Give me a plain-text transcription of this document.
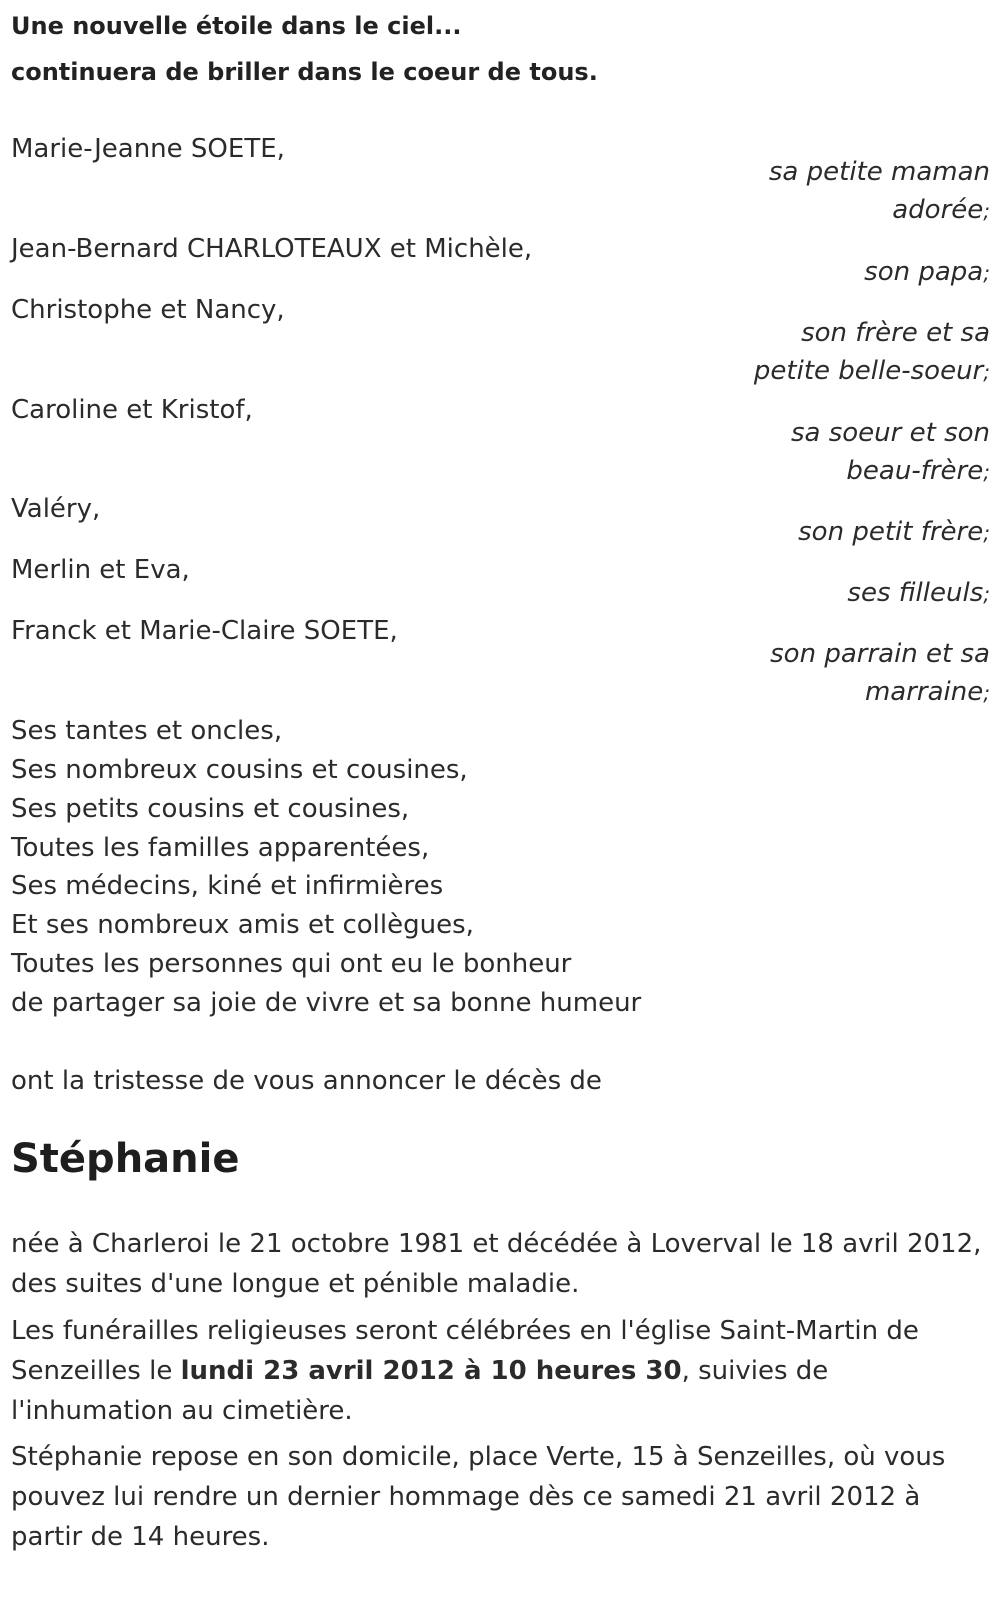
Une nouvelle étoile dans le ciel...
continuera de briller dans le coeur de tous.
Marie-Jeanne SOETE,
sa petite maman
adorée;
Jean-Bernard CHARLOTEAUX et Michèle,
son papa;
Christophe et Nancy,
son frère et sa
petite belle-soeur;
Caroline et Kristof,
sa soeur et son
beau-frère;
Valéry,
son petit frère;
Merlin et Eva,
ses filleuls;
Franck et Marie-Claire SOETE,
son parrain et sa
marraine;
Ses tantes et oncles,
Ses nombreux cousins et cousines,
Ses petits cousins et cousines,
Toutes les familles apparentées,
Ses médecins, kiné et infirmières
Et ses nombreux amis et collègues,
Toutes les personnes qui ont eu le bonheur
de partager sa joie de vivre et sa bonne humeur
ont la tristesse de vous annoncer le décès de
Stéphanie
née à Charleroi le 21 octobre 1981 et décédée à Loverval le 18 avril 2012, des suites d'une longue et pénible maladie.
Les funérailles religieuses seront célébrées en l'église Saint-Martin de Senzeilles le lundi 23 avril 2012 à 10 heures 30, suivies de l'inhumation au cimetière.
Stéphanie repose en son domicile, place Verte, 15 à Senzeilles, où vous pouvez lui rendre un dernier hommage dès ce samedi 21 avril 2012 à partir de 14 heures.
